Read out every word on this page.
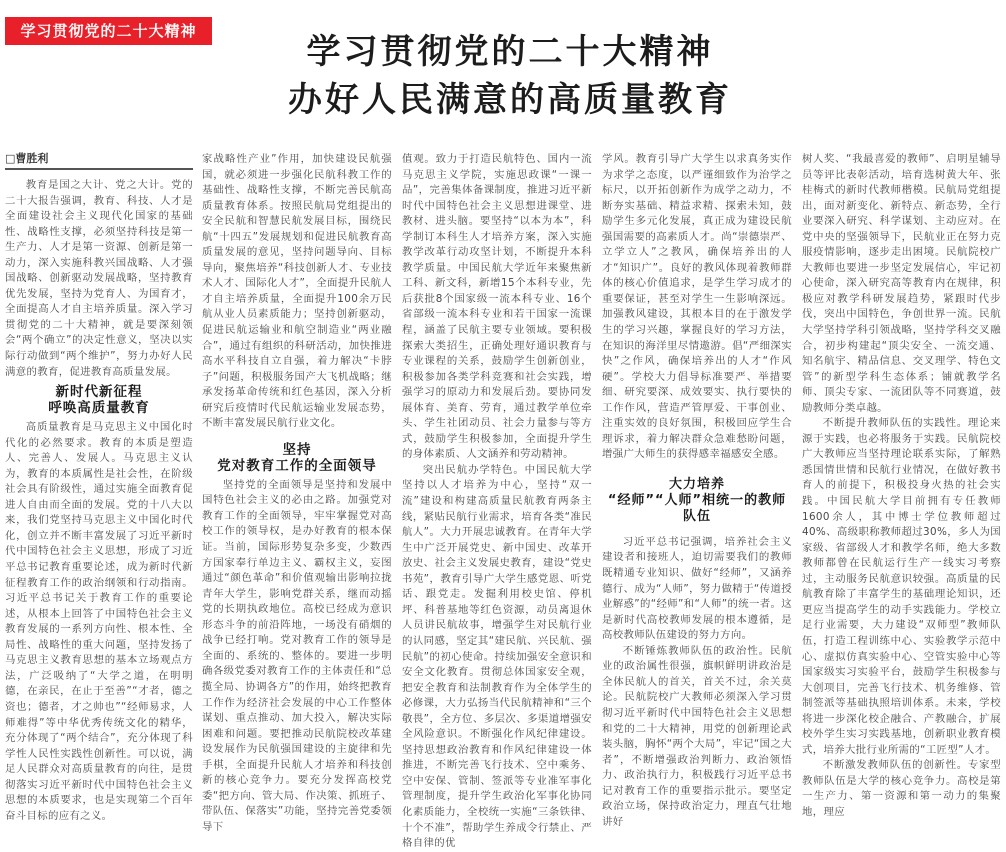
学习贯彻党的二十大精神
学习贯彻党的二十大精神
办好人民满意的高质量教育
□曹胜利

教育是国之大计、党之大计。党的二十大报告强调，教育、科技、人才是全面建设社会主义现代化国家的基础性、战略性支撑，必须坚持科技是第一生产力、人才是第一资源、创新是第一动力，深入实施科教兴国战略、人才强国战略、创新驱动发展战略，坚持教育优先发展，坚持为党育人、为国育才，全面提高人才自主培养质量。深入学习贯彻党的二十大精神，就是要深刻领会“两个确立”的决定性意义，坚决以实际行动做到“两个维护”，努力办好人民满意的教育，促进教育高质量发展。

新时代新征程
呼唤高质量教育

高质量教育是马克思主义中国化时代化的必然要求。教育的本质是塑造人、完善人、发展人。马克思主义认为，教育的本质属性是社会性，在阶级社会具有阶级性，通过实施全面教育促进人自由而全面的发展。党的十八大以来，我们党坚持马克思主义中国化时代化，创立并不断丰富发展了习近平新时代中国特色社会主义思想，形成了习近平总书记教育重要论述，成为新时代新征程教育工作的政治纲领和行动指南。习近平总书记关于教育工作的重要论述，从根本上回答了中国特色社会主义教育发展的一系列方向性、根本性、全局性、战略性的重大问题，坚持发扬了马克思主义教育思想的基本立场观点方法，广泛吸纳了“大学之道，在明明德，在亲民，在止于至善”“才者，德之资也；德者，才之帅也”“经师易求，人师难得”等中华优秀传统文化的精华，充分体现了“两个结合”，充分体现了科学性人民性实践性创新性。可以说，满足人民群众对高质量教育的向往，是贯彻落实习近平新时代中国特色社会主义思想的本质要求，也是实现第二个百年奋斗目标的应有之义。

家战略性产业”作用，加快建设民航强国，就必须进一步强化民航科教工作的基础性、战略性支撑，不断完善民航高质量教育体系。按照民航局党组提出的安全民航和智慧民航发展目标，围绕民航“十四五”发展规划和促进民航教育高质量发展的意见，坚持问题导向、目标导向，聚焦培养“科技创新人才、专业技术人才、国际化人才”，全面提升民航人才自主培养质量，全面提升100余万民航从业人员素质能力；坚持创新驱动，促进民航运输业和航空制造业“两业融合”，通过有组织的科研活动，加快推进高水平科技自立自强，着力解决“卡脖子”问题，积极服务国产大飞机战略；继承发扬革命传统和红色基因，深入分析研究后疫情时代民航运输业发展态势，不断丰富发展民航行业文化。

坚持
党对教育工作的全面领导

坚持党的全面领导是坚持和发展中国特色社会主义的必由之路。加强党对教育工作的全面领导，牢牢掌握党对高校工作的领导权，是办好教育的根本保证。当前，国际形势复杂多变，少数西方国家奉行单边主义、霸权主义，妄图通过“颜色革命”和价值观输出影响拉拢青年大学生，影响党群关系，继而动摇党的长期执政地位。高校已经成为意识形态斗争的前沿阵地，一场没有硝烟的战争已经打响。党对教育工作的领导是全面的、系统的、整体的。要进一步明确各级党委对教育工作的主体责任和“总揽全局、协调各方”的作用，始终把教育工作作为经济社会发展的中心工作整体谋划、重点推动、加大投入，解决实际困难和问题。要把推动民航院校改革建设发展作为民航强国建设的主旋律和先手棋，全面提升民航人才培养和科技创新的核心竞争力。要充分发挥高校党委“把方向、管大局、作决策、抓班子、带队伍、保落实”功能，坚持完善党委领导下

值观。致力于打造民航特色、国内一流马克思主义学院，实施思政课“一课一品”，完善集体备课制度，推进习近平新时代中国特色社会主义思想进课堂、进教材、进头脑。要坚持“以本为本”，科学制订本科生人才培养方案，深入实施教学改革行动攻坚计划，不断提升本科教学质量。中国民航大学近年来聚焦新工科、新文科，新增15个本科专业，先后获批8个国家级一流本科专业、16个省部级一流本科专业和若干国家一流课程，涵盖了民航主要专业领域。要积极探索大类招生，正确处理好通识教育与专业课程的关系，鼓励学生创新创业，积极参加各类学科竞赛和社会实践，增强学习的原动力和发展后劲。要协同发展体育、美育、劳育，通过教学单位牵头、学生社团动员、社会力量参与等方式，鼓励学生积极参加，全面提升学生的身体素质、人文涵养和劳动精神。

突出民航办学特色。中国民航大学坚持以人才培养为中心，坚持“双一流”建设和构建高质量民航教育两条主线，紧贴民航行业需求，培育各类“准民航人”。大力开展忠诚教育。在青年大学生中广泛开展党史、新中国史、改革开放史、社会主义发展史教育，建设“党史书苑”，教育引导广大学生感党恩、听党话、跟党走。发掘利用校史馆、停机坪、科普基地等红色资源，动员离退休人员讲民航故事，增强学生对民航行业的认同感，坚定其“建民航、兴民航、强民航”的初心使命。持续加强安全意识和安全文化教育。贯彻总体国家安全观，把安全教育和法制教育作为全体学生的必修课，大力弘扬当代民航精神和“三个敬畏”，全方位、多层次、多渠道增强安全风险意识。不断强化作风纪律建设。坚持思想政治教育和作风纪律建设一体推进，不断完善飞行技术、空中乘务、空中安保、管制、签派等专业准军事化管理制度，提升学生政治化军事化协同化素质能力，全校统一实施“三条铁律、十个不准”，帮助学生养成令行禁止、严格自律的优

学风。教育引导广大学生以求真务实作为求学之态度，以严谨细致作为治学之标尺，以开拓创新作为成学之动力，不断夯实基础、精益求精、探索未知，鼓励学生多元化发展，真正成为建设民航强国需要的高素质人才。尚“崇德崇严、立学立人”之教风，确保培养出的人才“知识广”。良好的教风体现着教师群体的核心价值追求，是学生学习成才的重要保证，甚至对学生一生影响深远。加强教风建设，其根本目的在于激发学生的学习兴趣，掌握良好的学习方法，在知识的海洋里尽情遨游。倡“严细深实快”之作风，确保培养出的人才“作风硬”。学校大力倡导标准要严、举措要细、研究要深、成效要实、执行要快的工作作风，营造严管厚爱、干事创业、注重实效的良好氛围，积极回应学生合理诉求，着力解决群众急难愁盼问题，增强广大师生的获得感幸福感安全感。

大力培养
“经师”“人师”相统一的教师队伍

习近平总书记强调，培养社会主义建设者和接班人，迫切需要我们的教师既精通专业知识、做好“经师”，又涵养德行、成为“人师”，努力做精于“传道授业解惑”的“经师”和“人师”的统一者。这是新时代高校教师发展的根本遵循，是高校教师队伍建设的努力方向。

不断锤炼教师队伍的政治性。民航业的政治属性很强，旗帜鲜明讲政治是全体民航人的首关，首关不过，余关莫论。民航院校广大教师必须深入学习贯彻习近平新时代中国特色社会主义思想和党的二十大精神，用党的创新理论武装头脑，胸怀“两个大局”，牢记“国之大者”，不断增强政治判断力、政治领悟力、政治执行力，积极践行习近平总书记对教育工作的重要指示批示。要坚定政治立场，保持政治定力，理直气壮地讲好

树人奖、“我最喜爱的教师”、启明星辅导员等评比表彰活动，培育选树黄大年、张桂梅式的新时代教师楷模。民航局党组提出，面对新变化、新特点、新态势，全行业要深入研究、科学谋划、主动应对。在党中央的坚强领导下，民航业正在努力克服疫情影响，逐步走出困境。民航院校广大教师也要进一步坚定发展信心，牢记初心使命，深入研究高等教育内在规律，积极应对教学科研发展趋势，紧跟时代步伐，突出中国特色，争创世界一流。民航大学坚持学科引领战略，坚持学科交叉融合，初步构建起“顶尖安全、一流交通、知名航宇、精品信息、交叉理学、特色文管”的新型学科生态体系；铺就教学名师、顶尖专家、一流团队等不同赛道，鼓励教师分类卓越。

不断提升教师队伍的实践性。理论来源于实践，也必将服务于实践。民航院校广大教师应当坚持理论联系实际，了解熟悉国情世情和民航行业情况，在做好教书育人的前提下，积极投身火热的社会实践。中国民航大学目前拥有专任教师1600余人，其中博士学位教师超过40%、高级职称教师超过30%，多人为国家级、省部级人才和教学名师，绝大多数教师都曾在民航运行生产一线实习考察过，主动服务民航意识较强。高质量的民航教育除了丰富学生的基础理论知识，还更应当提高学生的动手实践能力。学校立足行业需要，大力建设“双师型”教师队伍，打造工程训练中心、实验教学示范中心、虚拟仿真实验中心、空管实验中心等国家级实习实验平台，鼓励学生积极参与大创项目，完善飞行技术、机务维修、管制签派等基础执照培训体系。未来，学校将进一步深化校企融合、产教融合，扩展校外学生实习实践基地，创新职业教育模式，培养大批行业所需的“工匠型”人才。

不断激发教师队伍的创新性。专家型教师队伍是大学的核心竞争力。高校是第一生产力、第一资源和第一动力的集聚地，理应
